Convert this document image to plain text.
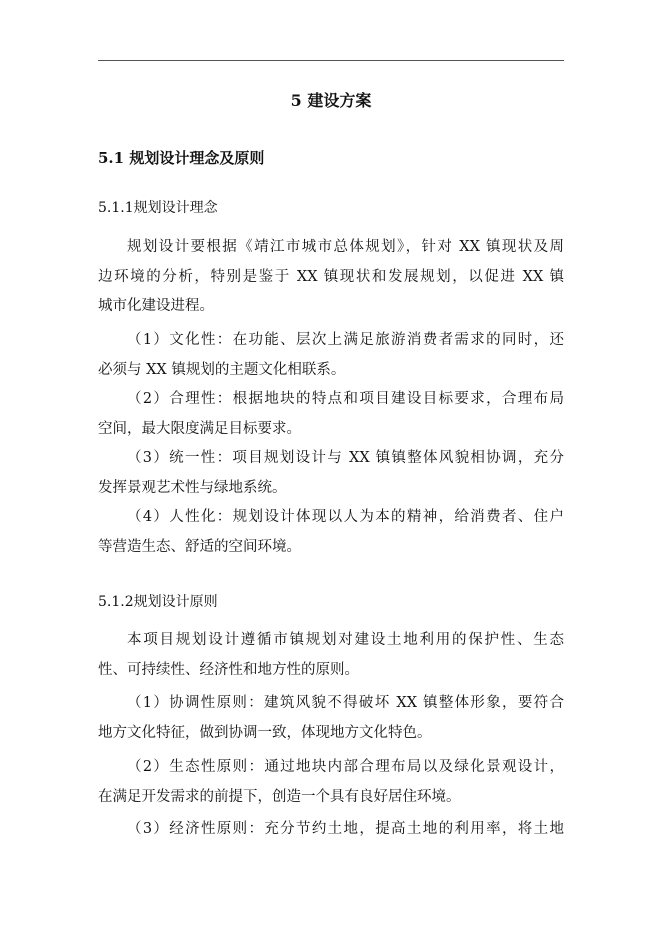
5 建设方案
5.1 规划设计理念及原则
5.1.1规划设计理念
规划设计要根据《靖江市城市总体规划》，针对 XX 镇现状及周
边环境的分析，特别是鉴于 XX 镇现状和发展规划，以促进 XX 镇
城市化建设进程。
（1）文化性：在功能、层次上满足旅游消费者需求的同时，还
必须与 XX 镇规划的主题文化相联系。
（2）合理性：根据地块的特点和项目建设目标要求，合理布局
空间，最大限度满足目标要求。
（3）统一性：项目规划设计与 XX 镇镇整体风貌相协调，充分
发挥景观艺术性与绿地系统。
（4）人性化：规划设计体现以人为本的精神，给消费者、住户
等营造生态、舒适的空间环境。
5.1.2规划设计原则
本项目规划设计遵循市镇规划对建设土地利用的保护性、生态
性、可持续性、经济性和地方性的原则。
（1）协调性原则：建筑风貌不得破坏 XX 镇整体形象，要符合
地方文化特征，做到协调一致，体现地方文化特色。
（2）生态性原则：通过地块内部合理布局以及绿化景观设计，
在满足开发需求的前提下，创造一个具有良好居住环境。
（3）经济性原则：充分节约土地，提高土地的利用率，将土地
